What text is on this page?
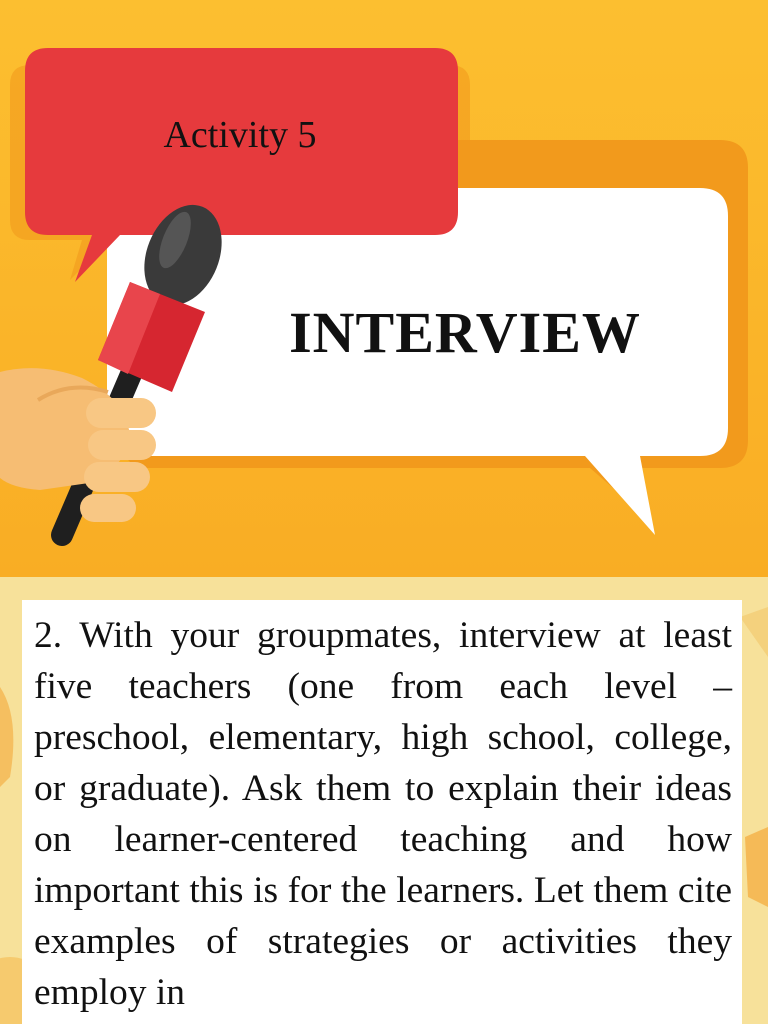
Activity 5
INTERVIEW

2. With your groupmates, interview at least five teachers (one from each level – preschool, elementary, high school, college, or graduate). Ask them to explain their ideas on learner-centered teaching and how important this is for the learners. Let them cite examples of strategies or activities they employ in
